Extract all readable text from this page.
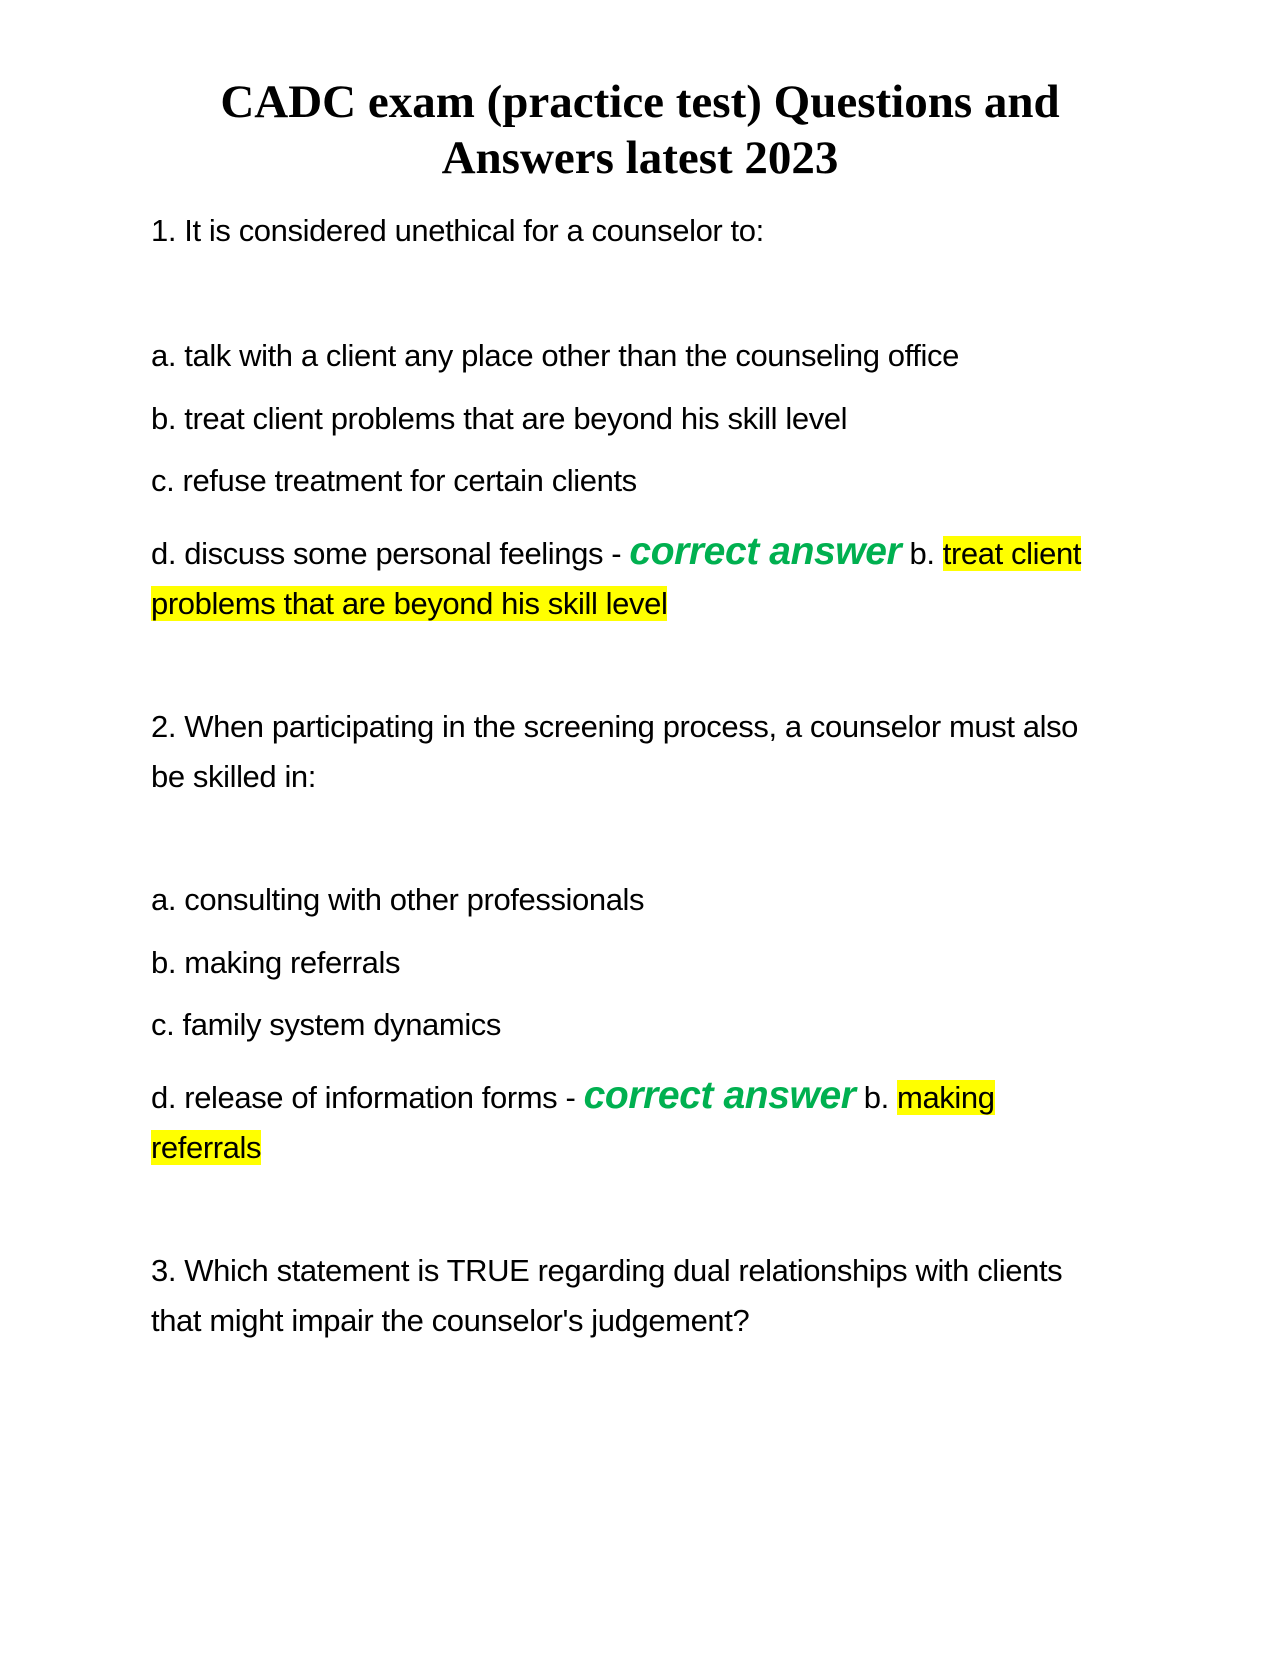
CADC exam (practice test) Questions and Answers latest 2023

1. It is considered unethical for a counselor to:

a. talk with a client any place other than the counseling office

b. treat client problems that are beyond his skill level

c. refuse treatment for certain clients

d. discuss some personal feelings - correct answer b. treat client problems that are beyond his skill level

2. When participating in the screening process, a counselor must also be skilled in:

a. consulting with other professionals

b. making referrals

c. family system dynamics

d. release of information forms - correct answer b. making referrals

3. Which statement is TRUE regarding dual relationships with clients that might impair the counselor's judgement?
